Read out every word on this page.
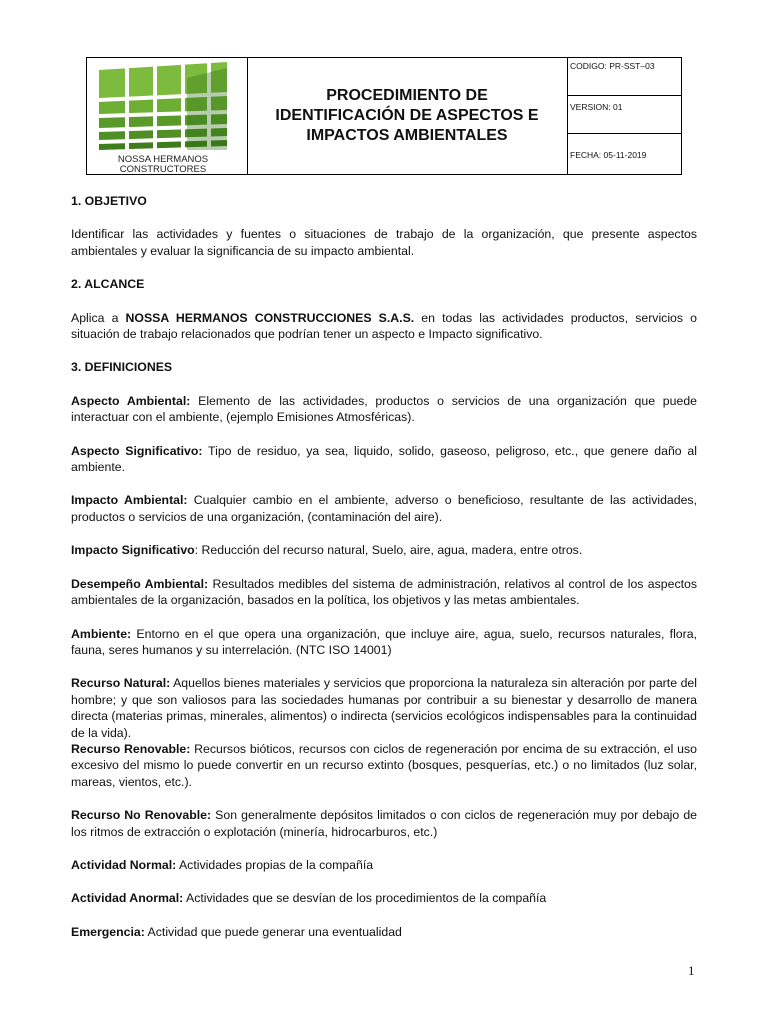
NOSSA HERMANOS
CONSTRUCTORES
PROCEDIMIENTO DE
IDENTIFICACIÓN DE ASPECTOS E
IMPACTOS AMBIENTALES
CODIGO: PR-SST–03
VERSION: 01
FECHA: 05-11-2019

1. OBJETIVO

Identificar las actividades y fuentes o situaciones de trabajo de la organización, que presente aspectos ambientales y evaluar la significancia de su impacto ambiental.

2. ALCANCE

Aplica a NOSSA HERMANOS CONSTRUCCIONES S.A.S. en todas las actividades productos, servicios o situación de trabajo relacionados que podrían tener un aspecto e Impacto significativo.

3. DEFINICIONES

Aspecto Ambiental: Elemento de las actividades, productos o servicios de una organización que puede interactuar con el ambiente, (ejemplo Emisiones Atmosféricas).

Aspecto Significativo: Tipo de residuo, ya sea, liquido, solido, gaseoso, peligroso, etc., que genere daño al ambiente.

Impacto Ambiental: Cualquier cambio en el ambiente, adverso o beneficioso, resultante de las actividades, productos o servicios de una organización, (contaminación del aire).

Impacto Significativo: Reducción del recurso natural, Suelo, aire, agua, madera, entre otros.

Desempeño Ambiental: Resultados medibles del sistema de administración, relativos al control de los aspectos ambientales de la organización, basados en la política, los objetivos y las metas ambientales.

Ambiente: Entorno en el que opera una organización, que incluye aire, agua, suelo, recursos naturales, flora, fauna, seres humanos y su interrelación. (NTC ISO 14001)

Recurso Natural: Aquellos bienes materiales y servicios que proporciona la naturaleza sin alteración por parte del hombre; y que son valiosos para las sociedades humanas por contribuir a su bienestar y desarrollo de manera directa (materias primas, minerales, alimentos) o indirecta (servicios ecológicos indispensables para la continuidad de la vida).

Recurso Renovable: Recursos bióticos, recursos con ciclos de regeneración por encima de su extracción, el uso excesivo del mismo lo puede convertir en un recurso extinto (bosques, pesquerías, etc.) o no limitados (luz solar, mareas, vientos, etc.).

Recurso No Renovable: Son generalmente depósitos limitados o con ciclos de regeneración muy por debajo de los ritmos de extracción o explotación (minería, hidrocarburos, etc.)

Actividad Normal: Actividades propias de la compañía

Actividad Anormal: Actividades que se desvían de los procedimientos de la compañía

Emergencia: Actividad que puede generar una eventualidad

1
